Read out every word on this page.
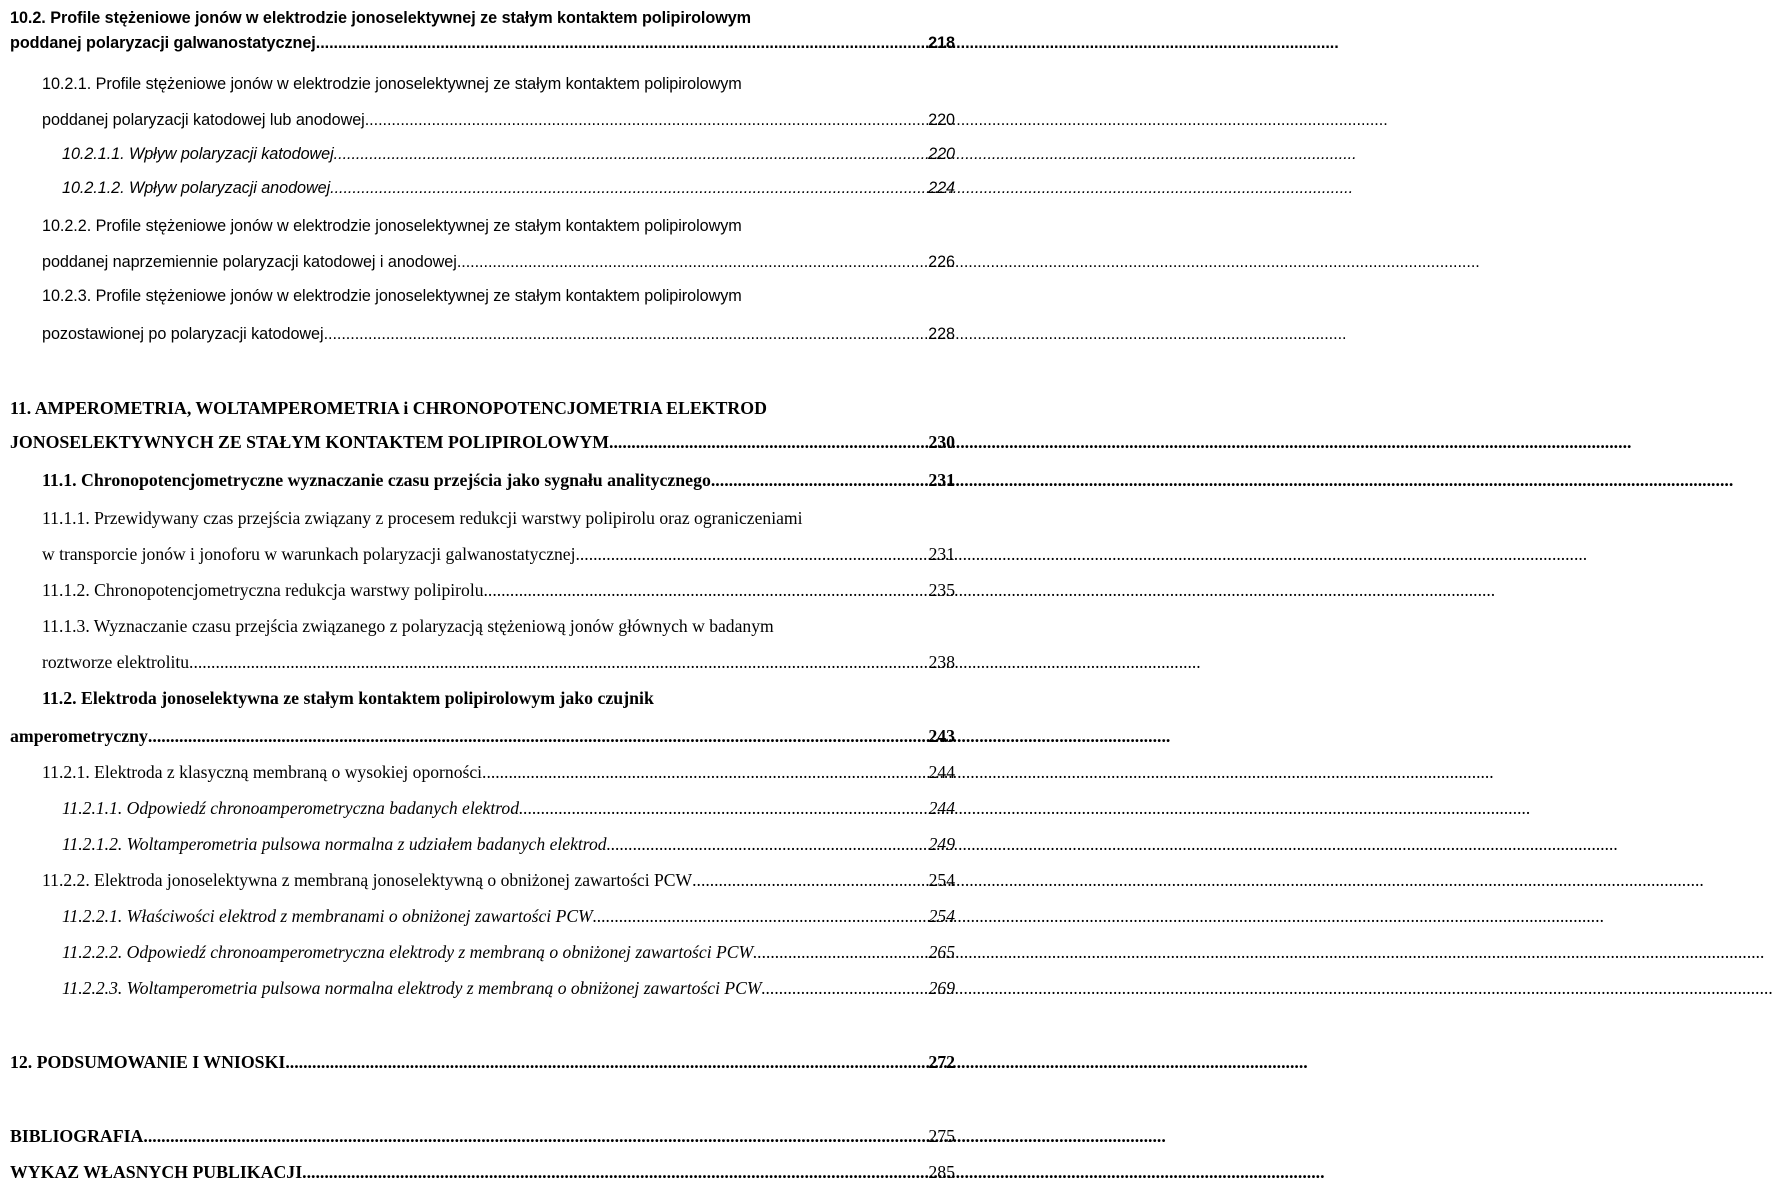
10.2. Profile stężeniowe jonów w elektrodzie jonoselektywnej ze stałym kontaktem polipirolowym
poddanej polaryzacji galwanostatycznej .....	218
10.2.1. Profile stężeniowe jonów w elektrodzie jonoselektywnej ze stałym kontaktem polipirolowym
poddanej polaryzacji katodowej lub anodowej .....	220
10.2.1.1. Wpływ polaryzacji katodowej .....	220
10.2.1.2. Wpływ polaryzacji anodowej .....	224
10.2.2. Profile stężeniowe jonów w elektrodzie jonoselektywnej ze stałym kontaktem polipirolowym
poddanej naprzemiennie polaryzacji katodowej i anodowej .....	226
10.2.3. Profile stężeniowe jonów w elektrodzie jonoselektywnej ze stałym kontaktem polipirolowym
pozostawionej po polaryzacji katodowej .....	228
11. AMPEROMETRIA, WOLTAMPEROMETRIA i CHRONOPOTENCJOMETRIA ELEKTROD
JONOSELEKTYWNYCH ZE STAŁYM KONTAKTEM POLIPIROLOWYM .....	230
11.1. Chronopotencjometryczne wyznaczanie czasu przejścia jako sygnału analitycznego .....	231
11.1.1. Przewidywany czas przejścia związany z procesem redukcji warstwy polipirolu oraz ograniczeniami
w transporcie jonów i jonoforu w warunkach polaryzacji galwanostatycznej .....	231
11.1.2. Chronopotencjometryczna redukcja warstwy polipirolu .....	235
11.1.3. Wyznaczanie czasu przejścia związanego z polaryzacją stężeniową jonów głównych w badanym
roztworze elektrolitu .....	238
11.2. Elektroda jonoselektywna ze stałym kontaktem polipirolowym jako czujnik
amperometryczny .....	243
11.2.1. Elektroda z klasyczną membraną o wysokiej oporności .....	244
11.2.1.1. Odpowiedź chronoamperometryczna badanych elektrod .....	244
11.2.1.2. Woltamperometria pulsowa normalna z udziałem badanych elektrod .....	249
11.2.2. Elektroda jonoselektywna z membraną jonoselektywną o obniżonej zawartości PCW .....	254
11.2.2.1. Właściwości elektrod z membranami o obniżonej zawartości PCW .....	254
11.2.2.2. Odpowiedź chronoamperometryczna elektrody z membraną o obniżonej zawartości PCW .....	265
11.2.2.3. Woltamperometria pulsowa normalna elektrody z membraną o obniżonej zawartości PCW .....	269
12. PODSUMOWANIE I WNIOSKI .....	272
BIBLIOGRAFIA .....	275
WYKAZ WŁASNYCH PUBLIKACJI .....	285
